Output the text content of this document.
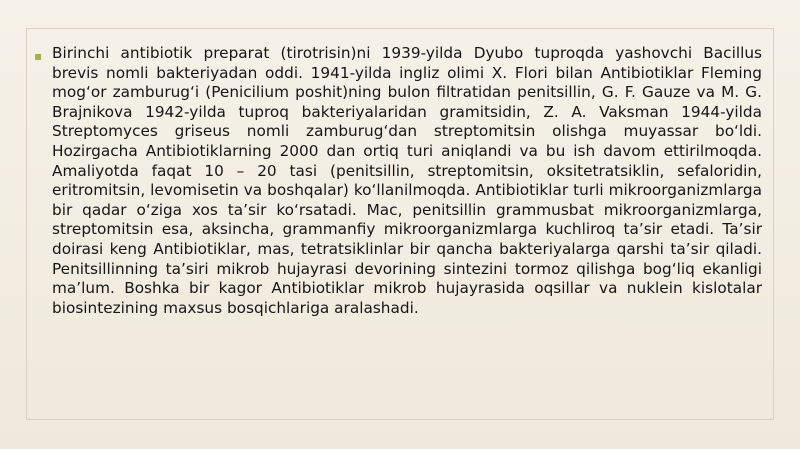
▪ Birinchi antibiotik preparat (tirotrisin)ni 1939-yilda Dyubo tuproqda yashovchi Bacillus brevis nomli bakteriyadan oddi. 1941-yilda ingliz olimi X. Flori bilan Antibiotiklar Fleming mog‘or zamburug‘i (Penicilium poshit)ning bulon filtratidan penitsillin, G. F. Gauze va M. G. Brajnikova 1942-yilda tuproq bakteriyalaridan gramitsidin, Z. A. Vaksman 1944-yilda Streptomyces griseus nomli zamburug‘dan streptomitsin olishga muyassar bo‘ldi. Hozirgacha Antibiotiklarning 2000 dan ortiq turi aniqlandi va bu ish davom ettirilmoqda. Amaliyotda faqat 10 – 20 tasi (penitsillin, streptomitsin, oksitetratsiklin, sefaloridin, eritromitsin, levomisetin va boshqalar) ko‘llanilmoqda. Antibiotiklar turli mikroorganizmlarga bir qadar o‘ziga xos ta’sir ko‘rsatadi. Mac, penitsillin grammusbat mikroorganizmlarga, streptomitsin esa, aksincha, grammanfiy mikroorganizmlarga kuchliroq ta’sir etadi. Ta’sir doirasi keng Antibiotiklar, mas, tetratsiklinlar bir qancha bakteriyalarga qarshi ta’sir qiladi. Penitsillinning ta’siri mikrob hujayrasi devorining sintezini tormoz qilishga bog‘liq ekanligi ma’lum. Boshka bir kagor Antibiotiklar mikrob hujayrasida oqsillar va nuklein kislotalar biosintezining maxsus bosqichlariga aralashadi.
